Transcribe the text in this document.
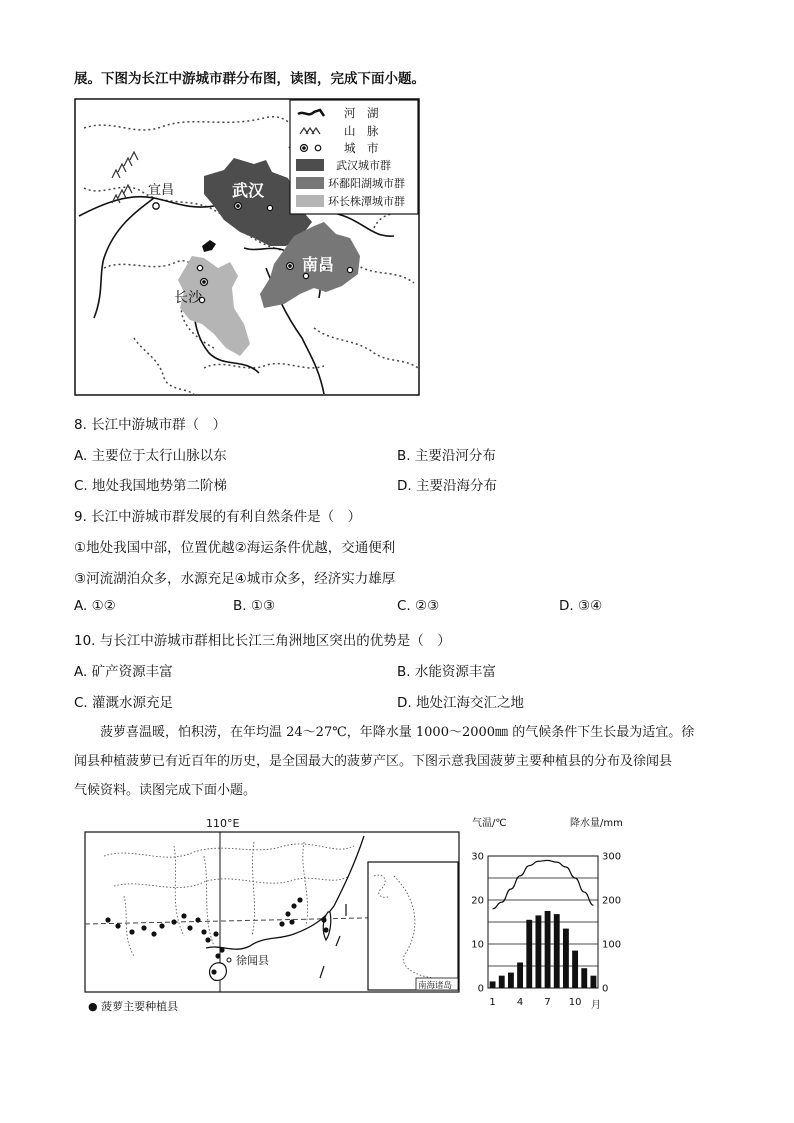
展。下图为长江中游城市群分布图，读图，完成下面小题。
宜昌	武汉
南昌
长沙
河　湖
山　脉
城　市
武汉城市群
环鄱阳湖城市群
环长株潭城市群
8. 长江中游城市群（　）
A. 主要位于太行山脉以东	B. 主要沿河分布
C. 地处我国地势第二阶梯	D. 主要沿海分布
9. 长江中游城市群发展的有利自然条件是（　）
①地处我国中部，位置优越②海运条件优越，交通便利
③河流湖泊众多，水源充足④城市众多，经济实力雄厚
A. ①②	B. ①③	C. ②③	D. ③④
10. 与长江中游城市群相比长江三角洲地区突出的优势是（　）
A. 矿产资源丰富	B. 水能资源丰富
C. 灌溉水源充足	D. 地处江海交汇之地
菠萝喜温暖，怕积涝，在年均温 24～27℃，年降水量 1000～2000㎜ 的气候条件下生长最为适宜。徐
闻县种植菠萝已有近百年的历史，是全国最大的菠萝产区。下图示意我国菠萝主要种植县的分布及徐闻县
气候资料。读图完成下面小题。
110°E
徐闻县
南海诸岛
● 菠萝主要种植县
气温/℃	降水量/mm
0
10
20
30
0
100
200
300
1 4 7 10 月
